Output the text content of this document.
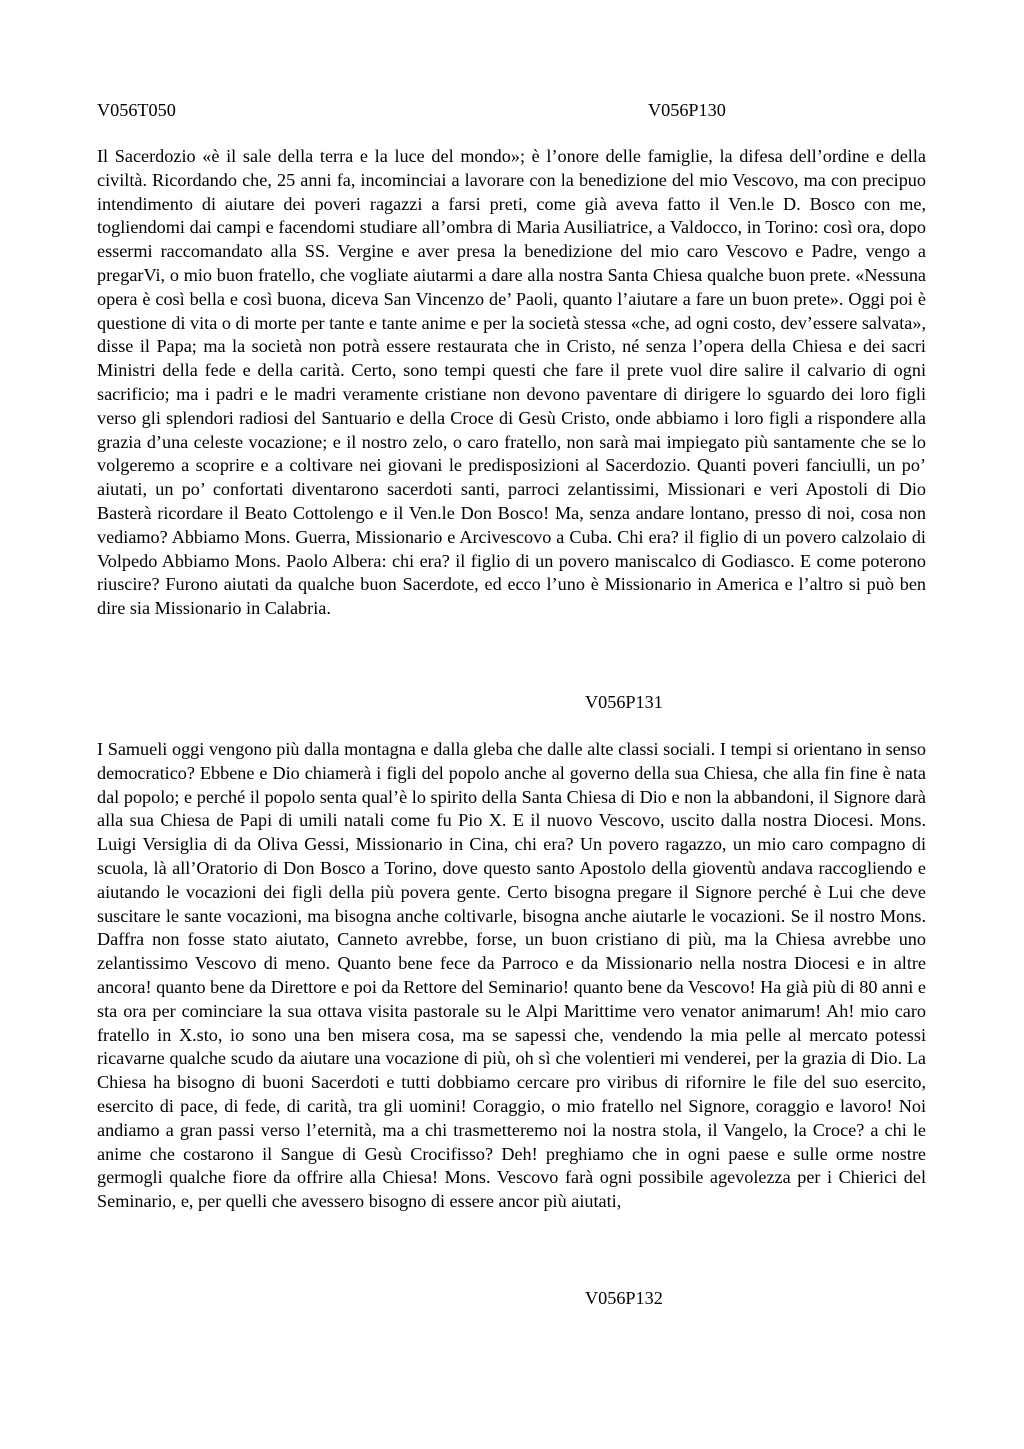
V056T050	V056P130

Il Sacerdozio «è il sale della terra e la luce del mondo»; è l’onore delle famiglie, la difesa dell’ordine e della civiltà. Ricordando che, 25 anni fa, incominciai a lavorare con la benedizione del mio Vescovo, ma con precipuo intendimento di aiutare dei poveri ragazzi a farsi preti, come già aveva fatto il Ven.le D. Bosco con me, togliendomi dai campi e facendomi studiare all’ombra di Maria Ausiliatrice, a Valdocco, in Torino: così ora, dopo essermi raccomandato alla SS. Vergine e aver presa la benedizione del mio caro Vescovo e Padre, vengo a pregarVi, o mio buon fratello, che vogliate aiutarmi a dare alla nostra Santa Chiesa qualche buon prete. «Nessuna opera è così bella e così buona, diceva San Vincenzo de’ Paoli, quanto l’aiutare a fare un buon prete». Oggi poi è questione di vita o di morte per tante e tante anime e per la società stessa «che, ad ogni costo, dev’essere salvata», disse il Papa; ma la società non potrà essere restaurata che in Cristo, né senza l’opera della Chiesa e dei sacri Ministri della fede e della carità. Certo, sono tempi questi che fare il prete vuol dire salire il calvario di ogni sacrificio; ma i padri e le madri veramente cristiane non devono paventare di dirigere lo sguardo dei loro figli verso gli splendori radiosi del Santuario e della Croce di Gesù Cristo, onde abbiamo i loro figli a rispondere alla grazia d’una celeste vocazione; e il nostro zelo, o caro fratello, non sarà mai impiegato più santamente che se lo volgeremo a scoprire e a coltivare nei giovani le predisposizioni al Sacerdozio. Quanti poveri fanciulli, un po’ aiutati, un po’ confortati diventarono sacerdoti santi, parroci zelantissimi, Missionari e veri Apostoli di Dio Basterà ricordare il Beato Cottolengo e il Ven.le Don Bosco! Ma, senza andare lontano, presso di noi, cosa non vediamo? Abbiamo Mons. Guerra, Missionario e Arcivescovo a Cuba. Chi era? il figlio di un povero calzolaio di Volpedo Abbiamo Mons. Paolo Albera: chi era? il figlio di un povero maniscalco di Godiasco. E come poterono riuscire? Furono aiutati da qualche buon Sacerdote, ed ecco l’uno è Missionario in America e l’altro si può ben dire sia Missionario in Calabria.

V056P131

I Samueli oggi vengono più dalla montagna e dalla gleba che dalle alte classi sociali. I tempi si orientano in senso democratico? Ebbene e Dio chiamerà i figli del popolo anche al governo della sua Chiesa, che alla fin fine è nata dal popolo; e perché il popolo senta qual’è lo spirito della Santa Chiesa di Dio e non la abbandoni, il Signore darà alla sua Chiesa de Papi di umili natali come fu Pio X. E il nuovo Vescovo, uscito dalla nostra Diocesi. Mons. Luigi Versiglia di da Oliva Gessi, Missionario in Cina, chi era? Un povero ragazzo, un mio caro compagno di scuola, là all’Oratorio di Don Bosco a Torino, dove questo santo Apostolo della gioventù andava raccogliendo e aiutando le vocazioni dei figli della più povera gente. Certo bisogna pregare il Signore perché è Lui che deve suscitare le sante vocazioni, ma bisogna anche coltivarle, bisogna anche aiutarle le vocazioni. Se il nostro Mons. Daffra non fosse stato aiutato, Canneto avrebbe, forse, un buon cristiano di più, ma la Chiesa avrebbe uno zelantissimo Vescovo di meno. Quanto bene fece da Parroco e da Missionario nella nostra Diocesi e in altre ancora! quanto bene da Direttore e poi da Rettore del Seminario! quanto bene da Vescovo! Ha già più di 80 anni e sta ora per cominciare la sua ottava visita pastorale su le Alpi Marittime vero venator animarum! Ah! mio caro fratello in X.sto, io sono una ben misera cosa, ma se sapessi che, vendendo la mia pelle al mercato potessi ricavarne qualche scudo da aiutare una vocazione di più, oh sì che volentieri mi venderei, per la grazia di Dio. La Chiesa ha bisogno di buoni Sacerdoti e tutti dobbiamo cercare pro viribus di rifornire le file del suo esercito, esercito di pace, di fede, di carità, tra gli uomini! Coraggio, o mio fratello nel Signore, coraggio e lavoro! Noi andiamo a gran passi verso l’eternità, ma a chi trasmetteremo noi la nostra stola, il Vangelo, la Croce? a chi le anime che costarono il Sangue di Gesù Crocifisso? Deh! preghiamo che in ogni paese e sulle orme nostre germogli qualche fiore da offrire alla Chiesa! Mons. Vescovo farà ogni possibile agevolezza per i Chierici del Seminario, e, per quelli che avessero bisogno di essere ancor più aiutati,

V056P132
